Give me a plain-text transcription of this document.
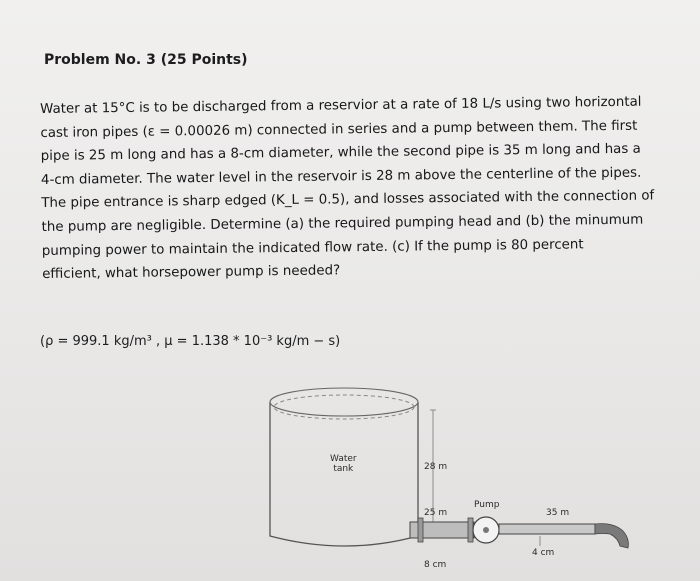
Problem No. 3 (25 Points)
Water at 15°C is to be discharged from a reservior at a rate of 18 L/s using two horizontal
cast iron pipes (ε = 0.00026 m) connected in series and a pump between them. The first
pipe is 25 m long and has a 8-cm diameter, while the second pipe is 35 m long and has a
4-cm diameter. The water level in the reservoir is 28 m above the centerline of the pipes.
The pipe entrance is sharp edged (K_L = 0.5), and losses associated with the connection of
the pump are negligible. Determine (a) the required pumping head and (b) the minumum
pumping power to maintain the indicated flow rate. (c) If the pump is 80 percent
efficient, what horsepower pump is needed?
(ρ = 999.1 kg/m³ , μ = 1.138 * 10⁻³ kg/m − s)
Water
tank	28 m
25 m
Pump
35 m
8 cm
4 cm
